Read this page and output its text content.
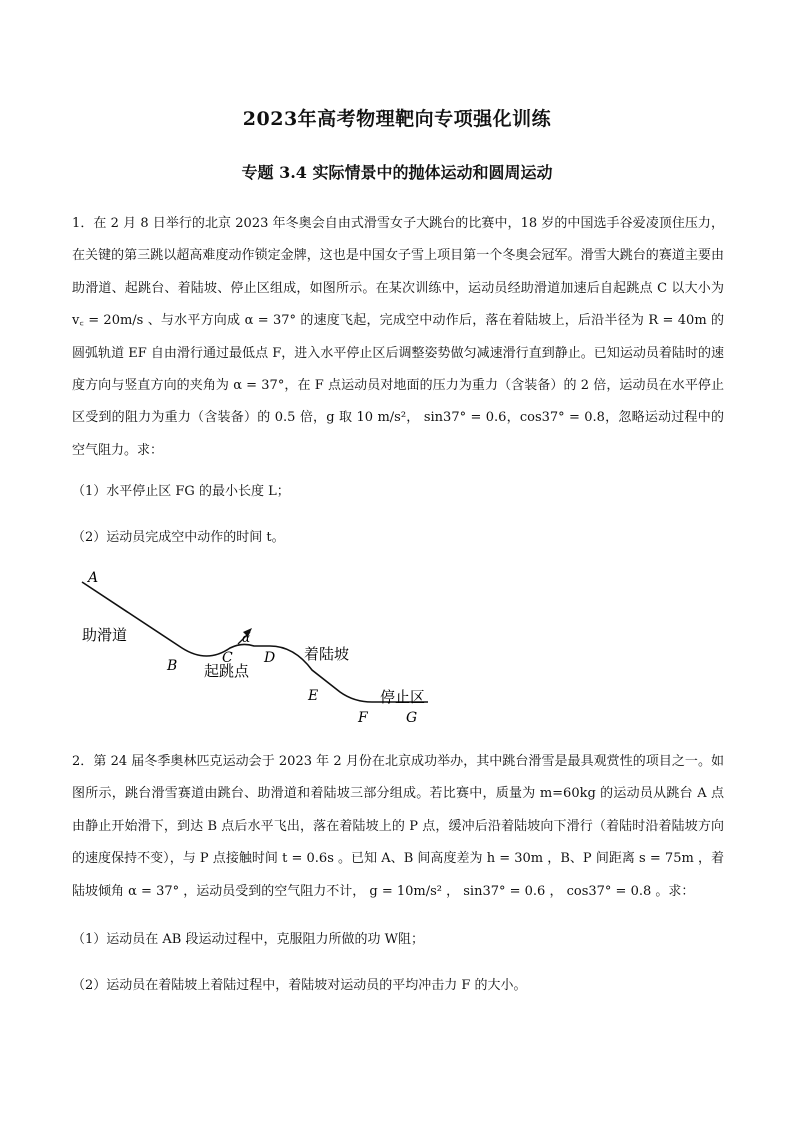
2023年高考物理靶向专项强化训练
专题 3.4 实际情景中的抛体运动和圆周运动

1．在 2 月 8 日举行的北京 2023 年冬奥会自由式滑雪女子大跳台的比赛中，18 岁的中国选手谷爱凌顶住压力，在关键的第三跳以超高难度动作锁定金牌，这也是中国女子雪上项目第一个冬奥会冠军。滑雪大跳台的赛道主要由助滑道、起跳台、着陆坡、停止区组成，如图所示。在某次训练中，运动员经助滑道加速后自起跳点 C 以大小为 v꜀ = 20m/s 、与水平方向成 α = 37° 的速度飞起，完成空中动作后，落在着陆坡上，后沿半径为 R = 40m 的圆弧轨道 EF 自由滑行通过最低点 F，进入水平停止区后调整姿势做匀减速滑行直到静止。已知运动员着陆时的速度方向与竖直方向的夹角为 α = 37°，在 F 点运动员对地面的压力为重力（含装备）的 2 倍，运动员在水平停止区受到的阻力为重力（含装备）的 0.5 倍，g 取 10 m/s²， sin37° = 0.6，cos37° = 0.8，忽略运动过程中的空气阻力。求：

（1）水平停止区 FG 的最小长度 L；

（2）运动员完成空中动作的时间 t。

A
助滑道
B
α
C
起跳点
D 着陆坡
E	停止区
F	G

2．第 24 届冬季奥林匹克运动会于 2023 年 2 月份在北京成功举办，其中跳台滑雪是最具观赏性的项目之一。如图所示，跳台滑雪赛道由跳台、助滑道和着陆坡三部分组成。若比赛中，质量为 m=60kg 的运动员从跳台 A 点由静止开始滑下，到达 B 点后水平飞出，落在着陆坡上的 P 点，缓冲后沿着陆坡向下滑行（着陆时沿着陆坡方向的速度保持不变），与 P 点接触时间 t = 0.6s 。已知 A、B 间高度差为 h = 30m ，B、P 间距离 s = 75m ，着陆坡倾角 α = 37° ，运动员受到的空气阻力不计， g = 10m/s² ， sin37° = 0.6 ， cos37° = 0.8 。求：

（1）运动员在 AB 段运动过程中，克服阻力所做的功 W阻；

（2）运动员在着陆坡上着陆过程中，着陆坡对运动员的平均冲击力 F 的大小。
